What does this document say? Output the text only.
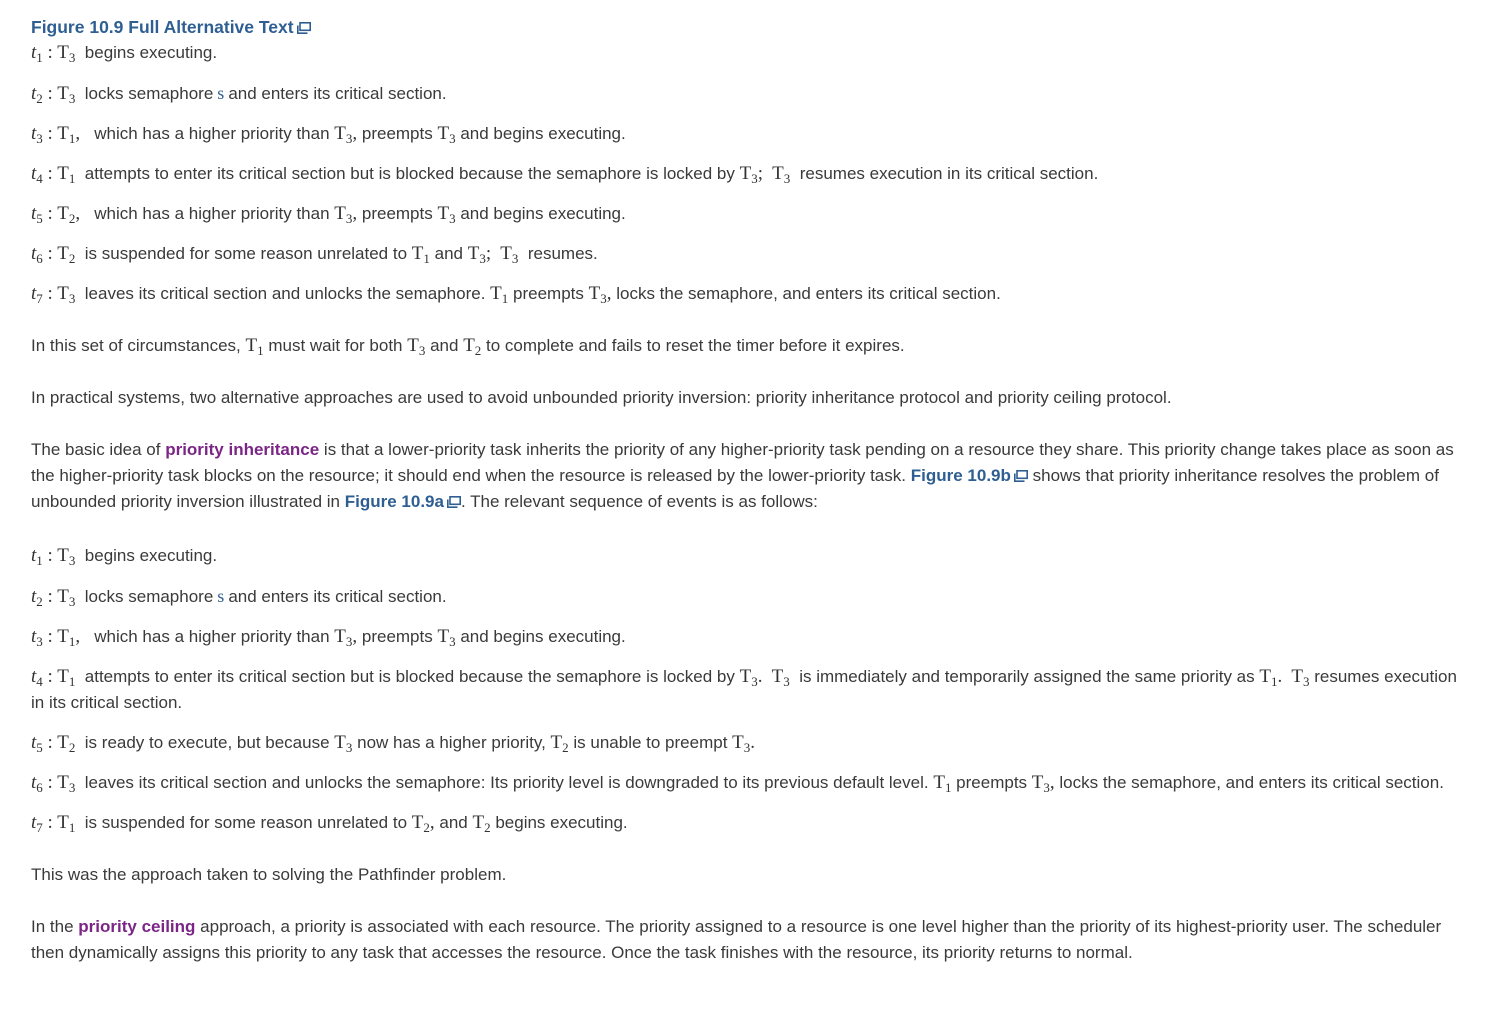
Figure 10.9 Full Alternative Text

$t_1$ : $T_3$ begins executing.

$t_2$ : $T_3$ locks semaphore s and enters its critical section.

$t_3$ : $T_1$, which has a higher priority than $T_3$, preempts $T_3$ and begins executing.

$t_4$ : $T_1$ attempts to enter its critical section but is blocked because the semaphore is locked by $T_3$;  $T_3$ resumes execution in its critical section.

$t_5$ : $T_2$, which has a higher priority than $T_3$, preempts $T_3$ and begins executing.

$t_6$ : $T_2$ is suspended for some reason unrelated to $T_1$ and $T_3$;  $T_3$ resumes.

$t_7$ : $T_3$ leaves its critical section and unlocks the semaphore. $T_1$ preempts $T_3$, locks the semaphore, and enters its critical section.

In this set of circumstances, $T_1$ must wait for both $T_3$ and $T_2$ to complete and fails to reset the timer before it expires.

In practical systems, two alternative approaches are used to avoid unbounded priority inversion: priority inheritance protocol and priority ceiling protocol.

The basic idea of priority inheritance is that a lower-priority task inherits the priority of any higher-priority task pending on a resource they share. This priority change takes place as soon as the higher-priority task blocks on the resource; it should end when the resource is released by the lower-priority task. Figure 10.9b shows that priority inheritance resolves the problem of unbounded priority inversion illustrated in Figure 10.9a . The relevant sequence of events is as follows:

$t_1$ : $T_3$ begins executing.

$t_2$ : $T_3$ locks semaphore s and enters its critical section.

$t_3$ : $T_1$, which has a higher priority than $T_3$, preempts $T_3$ and begins executing.

$t_4$ : $T_1$ attempts to enter its critical section but is blocked because the semaphore is locked by $T_3$.  $T_3$ is immediately and temporarily assigned the same priority as $T_1$.  $T_3$ resumes execution in its critical section.

$t_5$ : $T_2$ is ready to execute, but because $T_3$ now has a higher priority, $T_2$ is unable to preempt $T_3$.

$t_6$ : $T_3$ leaves its critical section and unlocks the semaphore: Its priority level is downgraded to its previous default level. $T_1$ preempts $T_3$, locks the semaphore, and enters its critical section.

$t_7$ : $T_1$ is suspended for some reason unrelated to $T_2$, and $T_2$ begins executing.

This was the approach taken to solving the Pathfinder problem.

In the priority ceiling approach, a priority is associated with each resource. The priority assigned to a resource is one level higher than the priority of its highest-priority user. The scheduler then dynamically assigns this priority to any task that accesses the resource. Once the task finishes with the resource, its priority returns to normal.
